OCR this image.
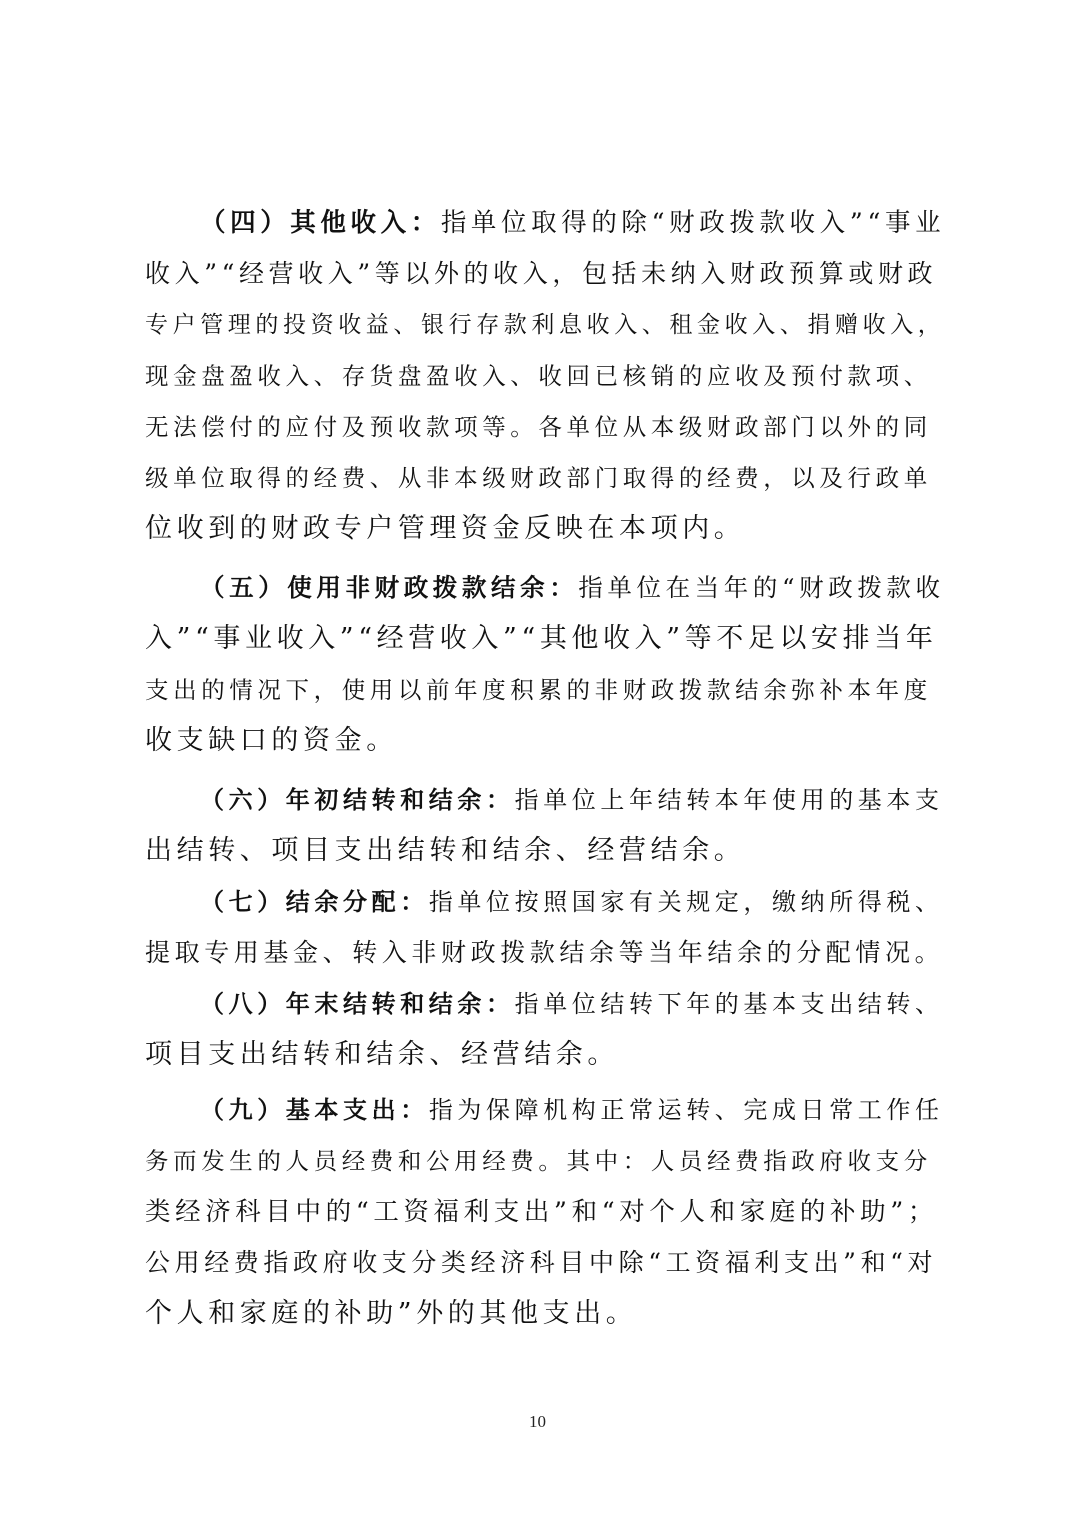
（四）其他收入：指单位取得的除“财政拨款收入”“事业
收入”“经营收入”等以外的收入，包括未纳入财政预算或财政
专户管理的投资收益、银行存款利息收入、租金收入、捐赠收入，
现金盘盈收入、存货盘盈收入、收回已核销的应收及预付款项、
无法偿付的应付及预收款项等。各单位从本级财政部门以外的同
级单位取得的经费、从非本级财政部门取得的经费，以及行政单
位收到的财政专户管理资金反映在本项内。
（五）使用非财政拨款结余：指单位在当年的“财政拨款收
入”“事业收入”“经营收入”“其他收入”等不足以安排当年
支出的情况下，使用以前年度积累的非财政拨款结余弥补本年度
收支缺口的资金。
（六）年初结转和结余：指单位上年结转本年使用的基本支
出结转、项目支出结转和结余、经营结余。
（七）结余分配：指单位按照国家有关规定，缴纳所得税、
提取专用基金、转入非财政拨款结余等当年结余的分配情况。
（八）年末结转和结余：指单位结转下年的基本支出结转、
项目支出结转和结余、经营结余。
（九）基本支出：指为保障机构正常运转、完成日常工作任
务而发生的人员经费和公用经费。其中：人员经费指政府收支分
类经济科目中的“工资福利支出”和“对个人和家庭的补助”；
公用经费指政府收支分类经济科目中除“工资福利支出”和“对
个人和家庭的补助”外的其他支出。
10
